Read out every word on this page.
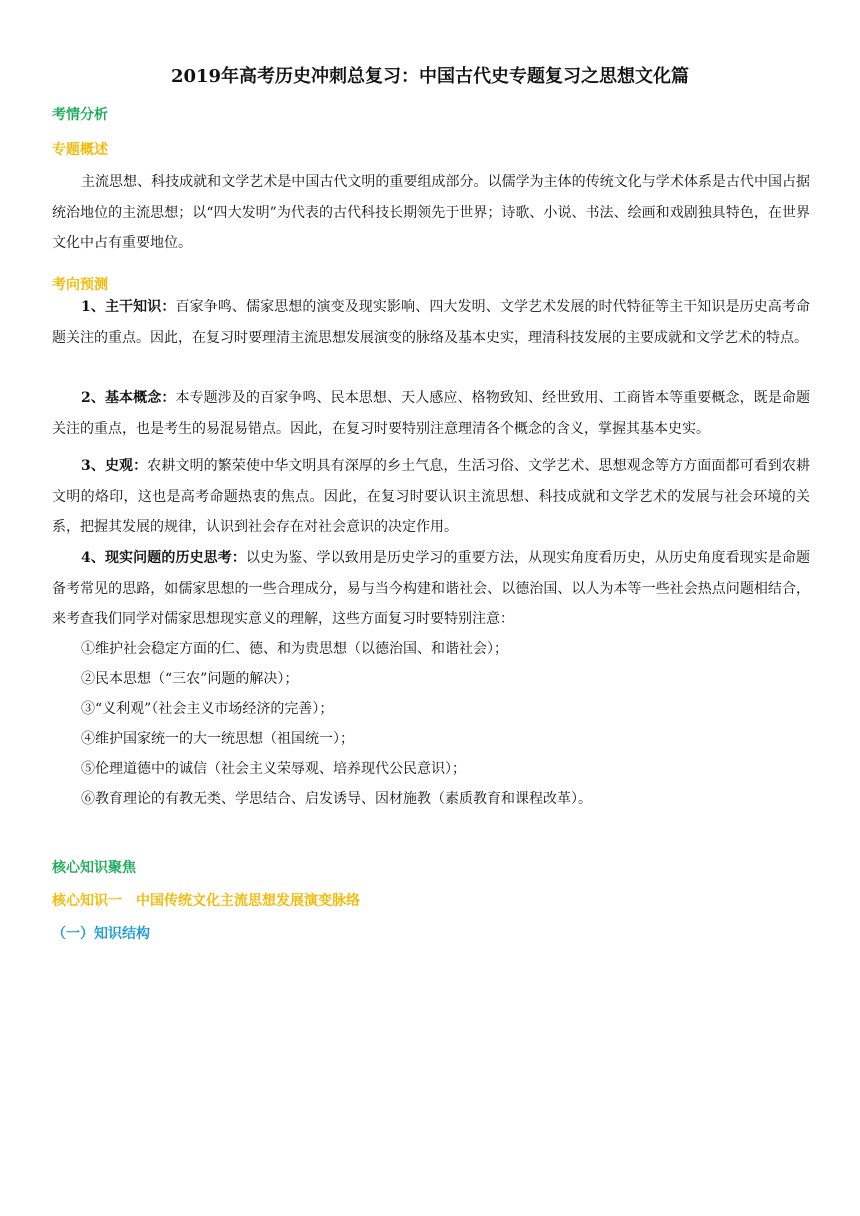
2019年高考历史冲刺总复习：中国古代史专题复习之思想文化篇
考情分析
专题概述
主流思想、科技成就和文学艺术是中国古代文明的重要组成部分。以儒学为主体的传统文化与学术体系是古代中国占据统治地位的主流思想；以“四大发明”为代表的古代科技长期领先于世界；诗歌、小说、书法、绘画和戏剧独具特色，在世界文化中占有重要地位。
考向预测
1、主干知识：百家争鸣、儒家思想的演变及现实影响、四大发明、文学艺术发展的时代特征等主干知识是历史高考命题关注的重点。因此，在复习时要理清主流思想发展演变的脉络及基本史实，理清科技发展的主要成就和文学艺术的特点。
2、基本概念：本专题涉及的百家争鸣、民本思想、天人感应、格物致知、经世致用、工商皆本等重要概念，既是命题关注的重点，也是考生的易混易错点。因此，在复习时要特别注意理清各个概念的含义，掌握其基本史实。
3、史观：农耕文明的繁荣使中华文明具有深厚的乡土气息，生活习俗、文学艺术、思想观念等方方面面都可看到农耕文明的烙印，这也是高考命题热衷的焦点。因此，在复习时要认识主流思想、科技成就和文学艺术的发展与社会环境的关系，把握其发展的规律，认识到社会存在对社会意识的决定作用。
4、现实问题的历史思考：以史为鉴、学以致用是历史学习的重要方法，从现实角度看历史，从历史角度看现实是命题备考常见的思路，如儒家思想的一些合理成分，易与当今构建和谐社会、以德治国、以人为本等一些社会热点问题相结合，来考查我们同学对儒家思想现实意义的理解，这些方面复习时要特别注意：
①维护社会稳定方面的仁、德、和为贵思想（以德治国、和谐社会）；
②民本思想（“三农”问题的解决）；
③“义利观”（社会主义市场经济的完善）；
④维护国家统一的大一统思想（祖国统一）；
⑤伦理道德中的诚信（社会主义荣辱观、培养现代公民意识）；
⑥教育理论的有教无类、学思结合、启发诱导、因材施教（素质教育和课程改革）。
核心知识聚焦
核心知识一　中国传统文化主流思想发展演变脉络
（一）知识结构
